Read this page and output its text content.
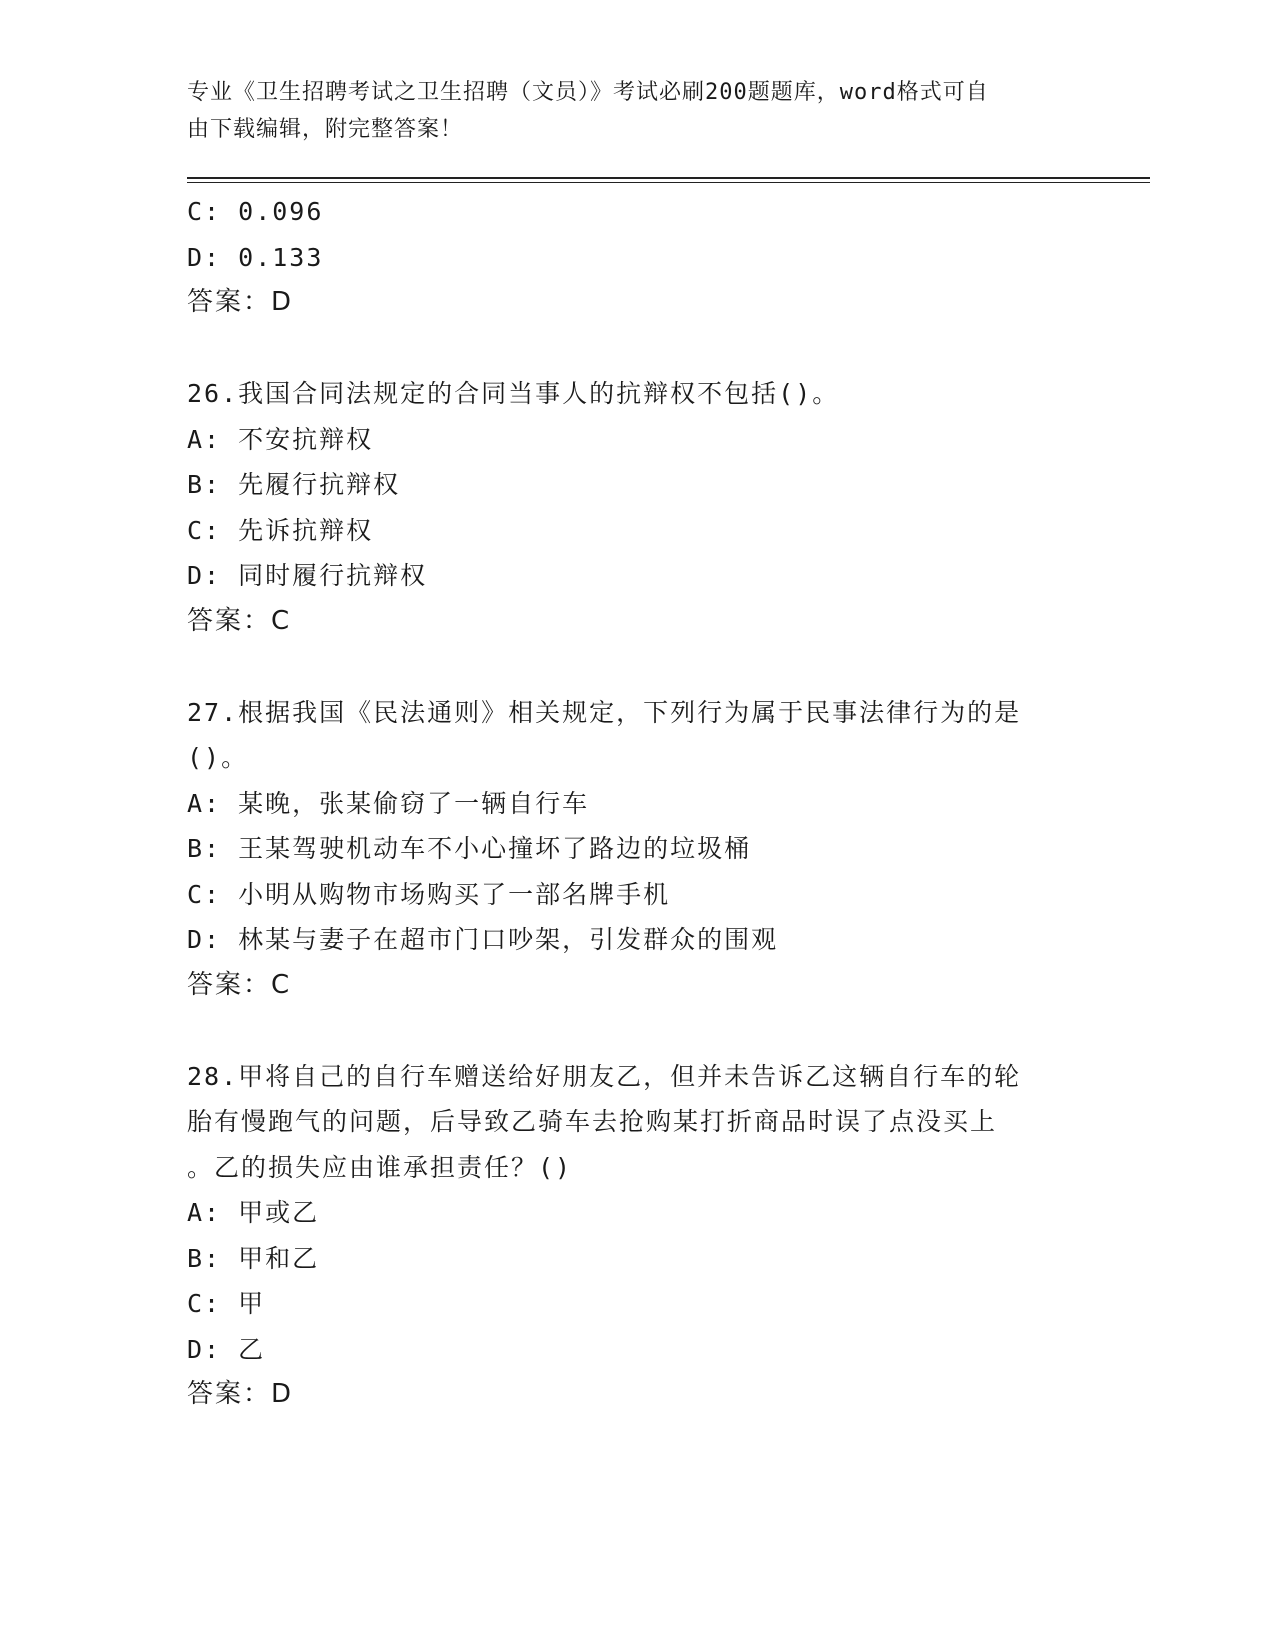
专业《卫生招聘考试之卫生招聘（文员）》考试必刷200题题库，word格式可自
由下载编辑，附完整答案！
C: 0.096
D: 0.133
答案：D
26.我国合同法规定的合同当事人的抗辩权不包括()。
A: 不安抗辩权
B: 先履行抗辩权
C: 先诉抗辩权
D: 同时履行抗辩权
答案：C
27.根据我国《民法通则》相关规定，下列行为属于民事法律行为的是
()。
A: 某晚，张某偷窃了一辆自行车
B: 王某驾驶机动车不小心撞坏了路边的垃圾桶
C: 小明从购物市场购买了一部名牌手机
D: 林某与妻子在超市门口吵架，引发群众的围观
答案：C
28.甲将自己的自行车赠送给好朋友乙，但并未告诉乙这辆自行车的轮
胎有慢跑气的问题，后导致乙骑车去抢购某打折商品时误了点没买上
。乙的损失应由谁承担责任？()
A: 甲或乙
B: 甲和乙
C: 甲
D: 乙
答案：D
